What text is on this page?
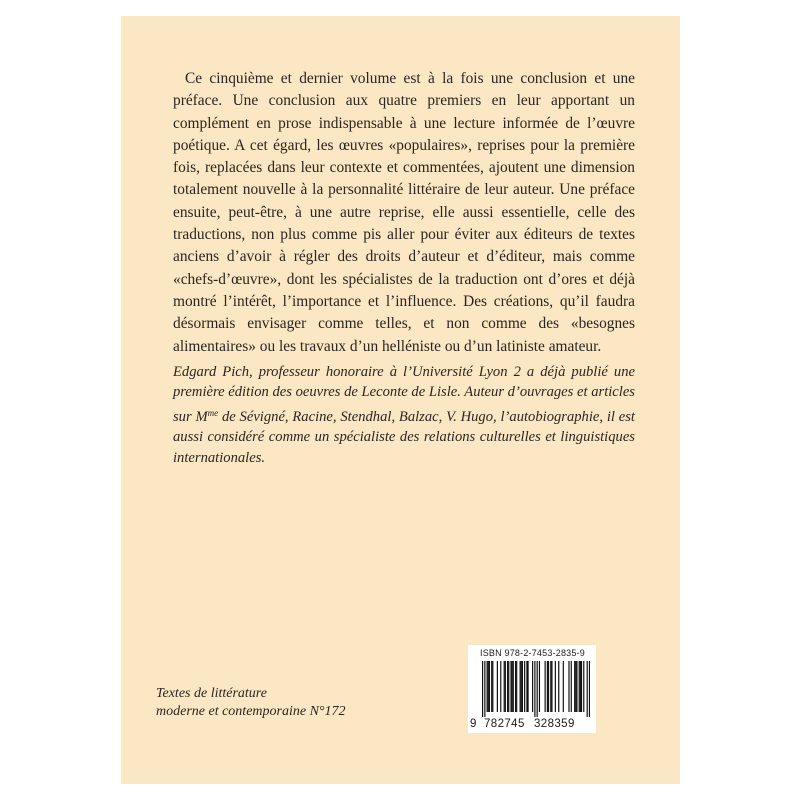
Ce cinquième et dernier volume est à la fois une conclusion et une préface. Une conclusion aux quatre premiers en leur apportant un complément en prose indispensable à une lecture informée de l’œuvre poétique. A cet égard, les œuvres «populaires», reprises pour la première fois, replacées dans leur contexte et commentées, ajoutent une dimension totalement nouvelle à la personnalité littéraire de leur auteur. Une préface ensuite, peut-être, à une autre reprise, elle aussi essentielle, celle des traductions, non plus comme pis aller pour éviter aux éditeurs de textes anciens d’avoir à régler des droits d’auteur et d’éditeur, mais comme «chefs-d’œuvre», dont les spécialistes de la traduction ont d’ores et déjà montré l’intérêt, l’importance et l’influence. Des créations, qu’il faudra désormais envisager comme telles, et non comme des «besognes alimentaires» ou les travaux d’un helléniste ou d’un latiniste amateur.

Edgard Pich, professeur honoraire à l’Université Lyon 2 a déjà publié une première édition des oeuvres de Leconte de Lisle. Auteur d’ouvrages et articles sur $M^{me}$ de Sévigné, Racine, Stendhal, Balzac, V. Hugo, l’autobiographie, il est aussi considéré comme un spécialiste des relations culturelles et linguistiques internationales.

Textes de littérature
moderne et contemporaine N°172
ISBN 978-2-7453-2835-9
9 782745 328359
